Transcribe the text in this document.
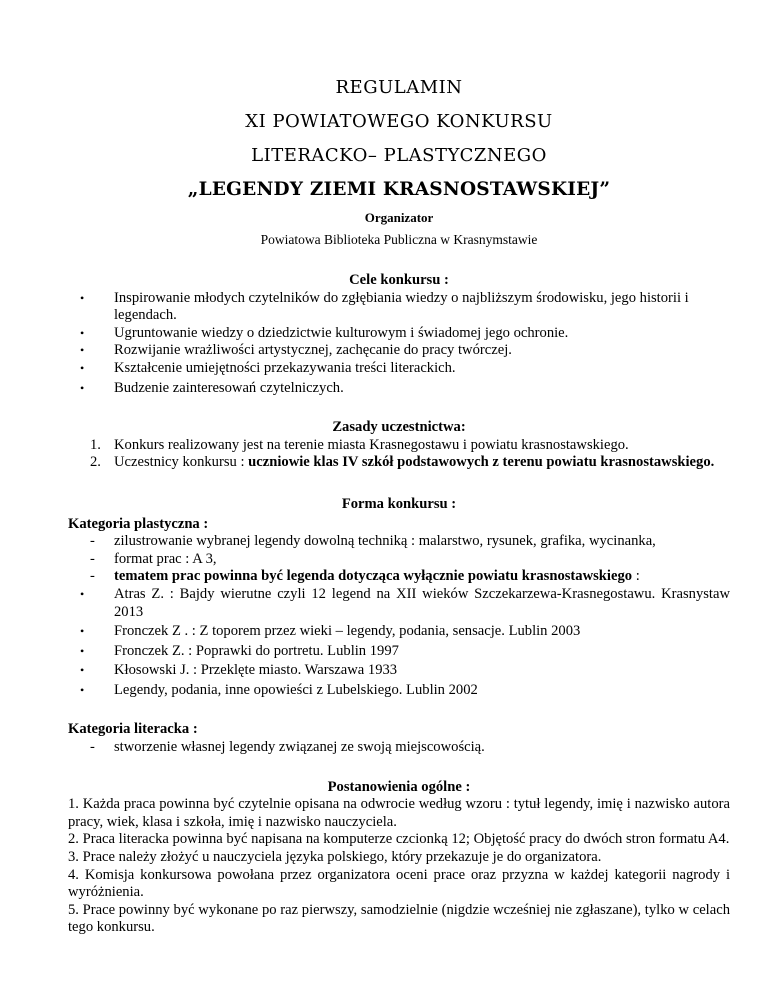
REGULAMIN
XI POWIATOWEGO KONKURSU
LITERACKO– PLASTYCZNEGO
„LEGENDY ZIEMI KRASNOSTAWSKIEJ”
Organizator
Powiatowa Biblioteka Publiczna w Krasnymstawie
Cele konkursu :
• Inspirowanie młodych czytelników do zgłębiania wiedzy o najbliższym środowisku, jego historii i legendach.
• Ugruntowanie wiedzy o dziedzictwie kulturowym i świadomej jego ochronie.
• Rozwijanie wrażliwości artystycznej, zachęcanie do pracy twórczej.
• Kształcenie umiejętności przekazywania treści literackich.
• Budzenie zainteresowań czytelniczych.
Zasady uczestnictwa:
1. Konkurs realizowany jest na terenie miasta Krasnegostawu i powiatu krasnostawskiego.
2. Uczestnicy konkursu : uczniowie klas IV szkół podstawowych z terenu powiatu krasnostawskiego.
Forma konkursu :
Kategoria plastyczna :
- zilustrowanie wybranej legendy dowolną techniką : malarstwo, rysunek, grafika, wycinanka,
- format prac : A 3,
- tematem prac powinna być legenda dotycząca wyłącznie powiatu krasnostawskiego :
• Atras Z. : Bajdy wierutne czyli 12 legend na XII wieków Szczekarzewa-Krasnegostawu. Krasnystaw 2013
• Fronczek Z . : Z toporem przez wieki – legendy, podania, sensacje. Lublin 2003
• Fronczek Z. : Poprawki do portretu. Lublin 1997
• Kłosowski J. : Przeklęte miasto. Warszawa 1933
• Legendy, podania, inne opowieści z Lubelskiego. Lublin 2002
Kategoria literacka :
- stworzenie własnej legendy związanej ze swoją miejscowością.
Postanowienia ogólne :
1. Każda praca powinna być czytelnie opisana na odwrocie według wzoru : tytuł legendy, imię i nazwisko autora pracy, wiek, klasa i szkoła, imię i nazwisko nauczyciela.
2. Praca literacka powinna być napisana na komputerze czcionką 12; Objętość pracy do dwóch stron formatu A4.
3. Prace należy złożyć u nauczyciela języka polskiego, który przekazuje je do organizatora.
4. Komisja konkursowa powołana przez organizatora oceni prace oraz przyzna w każdej kategorii nagrody i wyróżnienia.
5. Prace powinny być wykonane po raz pierwszy, samodzielnie (nigdzie wcześniej nie zgłaszane), tylko w celach tego konkursu.
